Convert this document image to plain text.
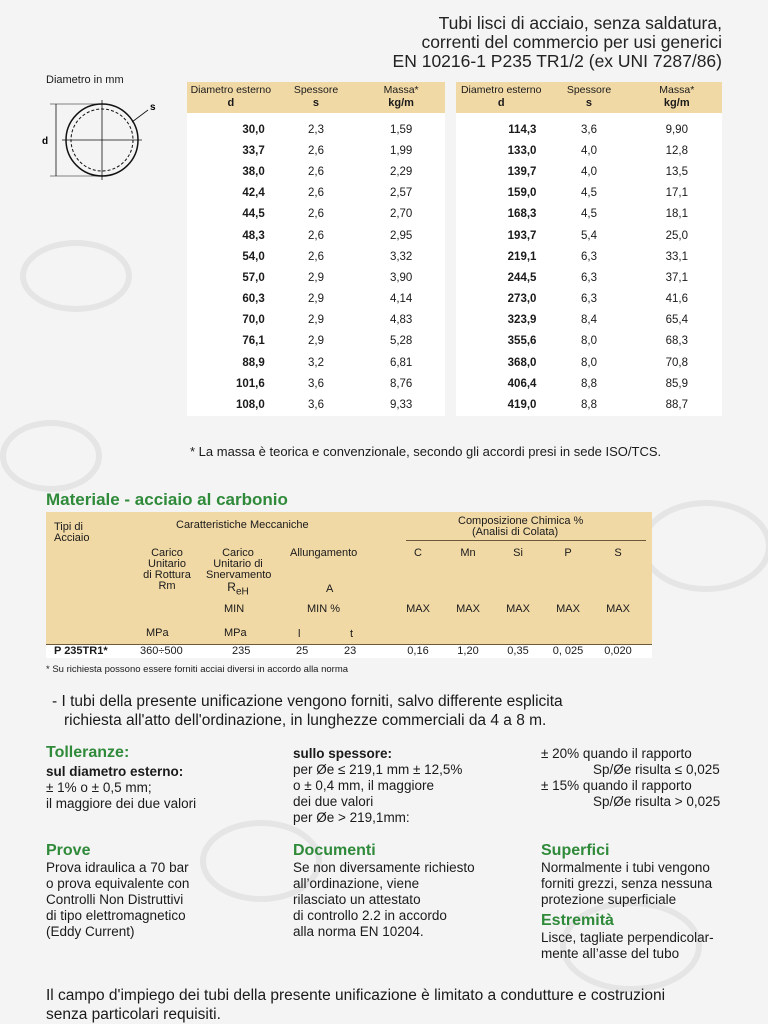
Tubi lisci di acciaio, senza saldatura,
correnti del commercio per usi generici
EN 10216-1 P235 TR1/2 (ex UNI 7287/86)
Diametro in mm
d
s
Diametro esterno	Spessore	Massa*
d	s	kg/m
30,0	2,3	1,59
33,7	2,6	1,99
38,0	2,6	2,29
42,4	2,6	2,57
44,5	2,6	2,70
48,3	2,6	2,95
54,0	2,6	3,32
57,0	2,9	3,90
60,3	2,9	4,14
70,0	2,9	4,83
76,1	2,9	5,28
88,9	3,2	6,81
101,6	3,6	8,76
108,0	3,6	9,33
Diametro esterno	Spessore	Massa*
d	s	kg/m
114,3	3,6	9,90
133,0	4,0	12,8
139,7	4,0	13,5
159,0	4,5	17,1
168,3	4,5	18,1
193,7	5,4	25,0
219,1	6,3	33,1
244,5	6,3	37,1
273,0	6,3	41,6
323,9	8,4	65,4
355,6	8,0	68,3
368,0	8,0	70,8
406,4	8,8	85,9
419,0	8,8	88,7
* La massa è teorica e convenzionale, secondo gli accordi presi in sede ISO/TCS.
Materiale - acciaio al carbonio
Tipi di Acciaio
Caratteristiche Meccaniche	Composizione Chimica %
(Analisi di Colata)
Carico
Unitario
di Rottura
Rm
Carico
Unitario di
Snervamento
$R_{eH}$
Allungamento
A
MIN	MIN %
C	Mn	Si	P	S
MAX	MAX	MAX	MAX	MAX
MPa	MPa	l	t
P 235TR1*	360÷500	235	25	23	0,16	1,20	0,35	0, 025	0,020
* Su richiesta possono essere forniti acciai diversi in accordo alla norma
- I tubi della presente unificazione vengono forniti, salvo differente esplicita
richiesta all'atto dell'ordinazione, in lunghezze commerciali da 4 a 8 m.
Tolleranze:
sul diametro esterno:
± 1% o ± 0,5 mm;
il maggiore dei due valori
sullo spessore:
per Øe ≤ 219,1 mm ± 12,5%
o ± 0,4 mm, il maggiore
dei due valori
per Øe > 219,1mm:
± 20% quando il rapporto
Sp/Øe risulta ≤ 0,025
± 15% quando il rapporto
Sp/Øe risulta > 0,025
Prove
Prova idraulica a 70 bar
o prova equivalente con
Controlli Non Distruttivi
di tipo elettromagnetico
(Eddy Current)
Documenti
Se non diversamente richiesto
all’ordinazione, viene
rilasciato un attestato
di controllo 2.2 in accordo
alla norma EN 10204.
Superfici
Normalmente i tubi vengono
forniti grezzi, senza nessuna
protezione superficiale
Estremità
Lisce, tagliate perpendicolar-
mente all’asse del tubo
Il campo d'impiego dei tubi della presente unificazione è limitato a condutture e costruzioni
senza particolari requisiti.
